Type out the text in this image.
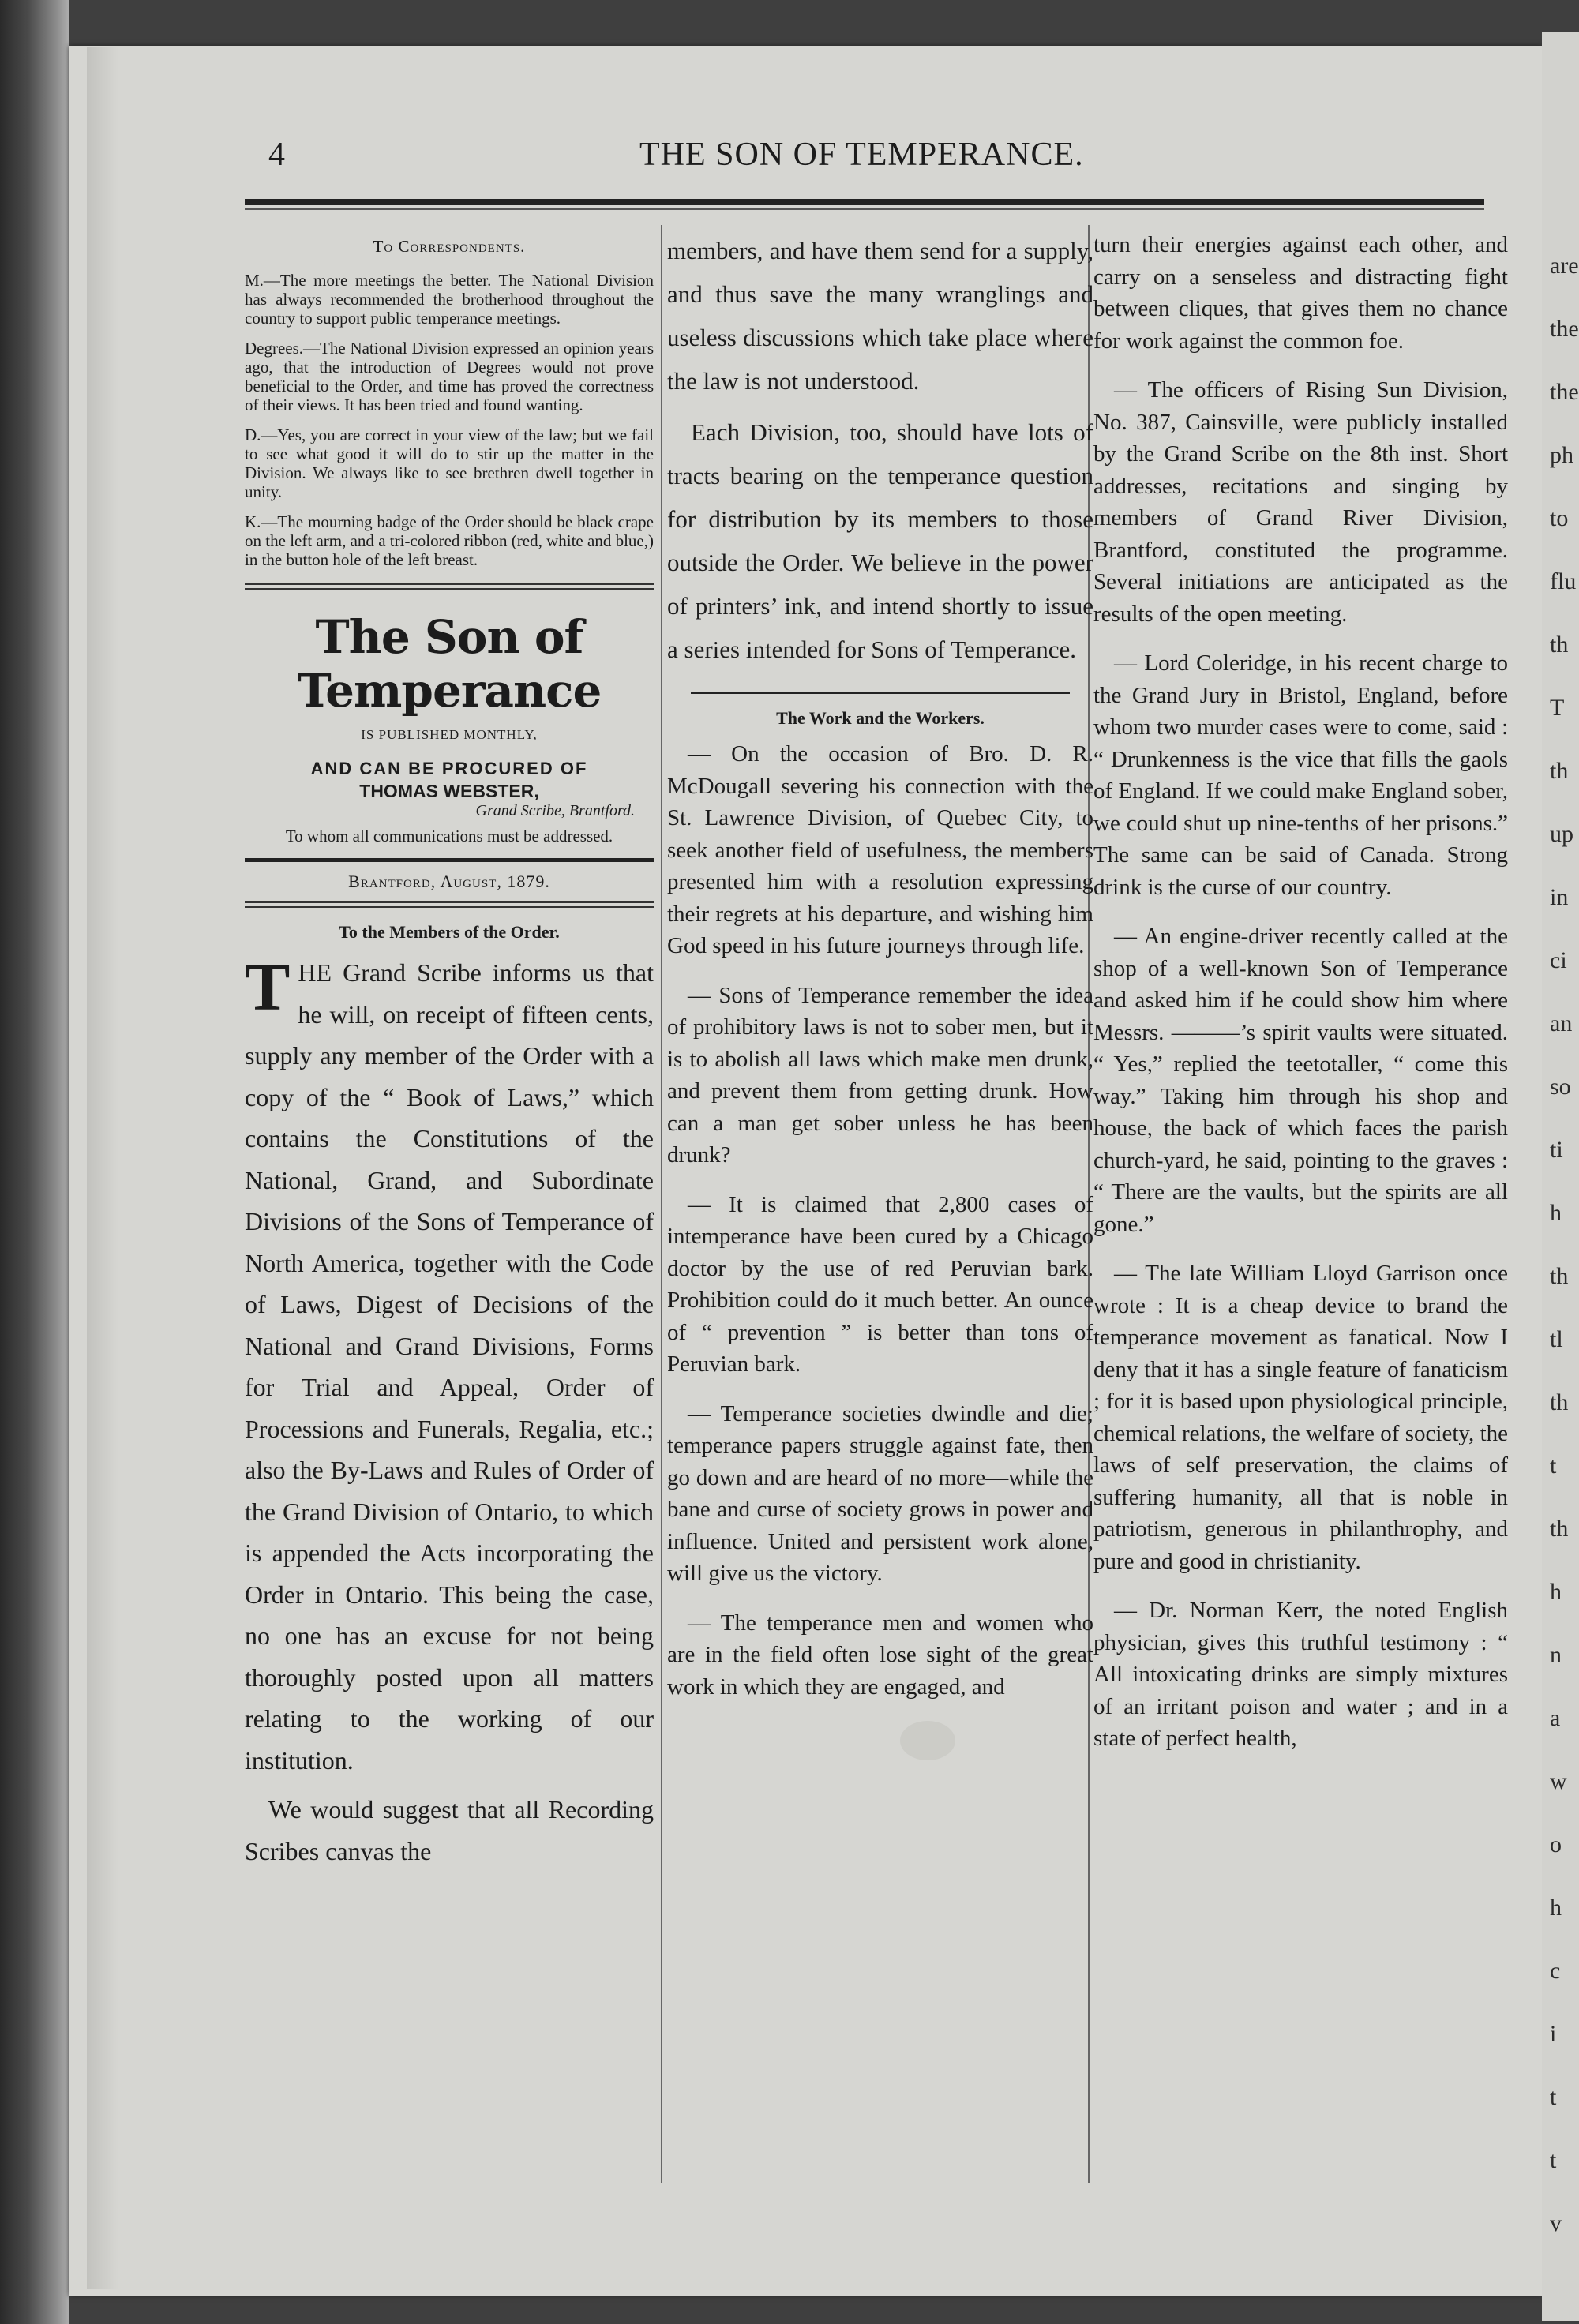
are
the
the
ph
to
flu
th
T
th
up
in
ci
an
so
ti
h
th
tl
th
t
th
h
n
a
w
o
h
c
i
t
t
v
4	THE SON OF TEMPERANCE.
To Correspondents.

M.—The more meetings the better. The National Division has always recommended the brotherhood throughout the country to support public temperance meetings.

Degrees.—The National Division expressed an opinion years ago, that the introduction of Degrees would not prove beneficial to the Order, and time has proved the correctness of their views. It has been tried and found wanting.

D.—Yes, you are correct in your view of the law; but we fail to see what good it will do to stir up the matter in the Division. We always like to see brethren dwell together in unity.

K.—The mourning badge of the Order should be black crape on the left arm, and a tri-colored ribbon (red, white and blue,) in the button hole of the left breast.

The Son of Temperance
IS PUBLISHED MONTHLY,
AND CAN BE PROCURED OF
THOMAS WEBSTER,
Grand Scribe, Brantford.
To whom all communications must be addressed.
Brantford, August, 1879.
To the Members of the Order.

THE Grand Scribe informs us that he will, on receipt of fifteen cents, supply any member of the Order with a copy of the “ Book of Laws,” which contains the Constitutions of the National, Grand, and Subordinate Divisions of the Sons of Temperance of North America, together with the Code of Laws, Digest of Decisions of the National and Grand Divisions, Forms for Trial and Appeal, Order of Processions and Funerals, Regalia, etc.; also the By-Laws and Rules of Order of the Grand Division of Ontario, to which is appended the Acts incorporating the Order in Ontario. This being the case, no one has an excuse for not being thoroughly posted upon all matters relating to the working of our institution.

We would suggest that all Recording Scribes canvas the

members, and have them send for a supply, and thus save the many wranglings and useless discussions which take place where the law is not understood.

Each Division, too, should have lots of tracts bearing on the temperance question for distribution by its members to those outside the Order. We believe in the power of printers’ ink, and intend shortly to issue a series intended for Sons of Temperance.

The Work and the Workers.

— On the occasion of Bro. D. R. McDougall severing his connection with the St. Lawrence Division, of Quebec City, to seek another field of usefulness, the members presented him with a resolution expressing their regrets at his departure, and wishing him God speed in his future journeys through life.

— Sons of Temperance remember the idea of prohibitory laws is not to sober men, but it is to abolish all laws which make men drunk, and prevent them from getting drunk. How can a man get sober unless he has been drunk?

— It is claimed that 2,800 cases of intemperance have been cured by a Chicago doctor by the use of red Peruvian bark. Prohibition could do it much better. An ounce of “ prevention ” is better than tons of Peruvian bark.

— Temperance societies dwindle and die; temperance papers struggle against fate, then go down and are heard of no more—while the bane and curse of society grows in power and influence. United and persistent work alone, will give us the victory.

— The temperance men and women who are in the field often lose sight of the great work in which they are engaged, and

turn their energies against each other, and carry on a senseless and distracting fight between cliques, that gives them no chance for work against the common foe.

— The officers of Rising Sun Division, No. 387, Cainsville, were publicly installed by the Grand Scribe on the 8th inst. Short addresses, recitations and singing by members of Grand River Division, Brantford, constituted the programme. Several initiations are anticipated as the results of the open meeting.

— Lord Coleridge, in his recent charge to the Grand Jury in Bristol, England, before whom two murder cases were to come, said : “ Drunkenness is the vice that fills the gaols of England. If we could make England sober, we could shut up nine-tenths of her prisons.” The same can be said of Canada. Strong drink is the curse of our country.

— An engine-driver recently called at the shop of a well-known Son of Temperance and asked him if he could show him where Messrs. ———’s spirit vaults were situated. “ Yes,” replied the teetotaller, “ come this way.” Taking him through his shop and house, the back of which faces the parish church-yard, he said, pointing to the graves : “ There are the vaults, but the spirits are all gone.”

— The late William Lloyd Garrison once wrote : It is a cheap device to brand the temperance movement as fanatical. Now I deny that it has a single feature of fanaticism ; for it is based upon physiological principle, chemical relations, the welfare of society, the laws of self preservation, the claims of suffering humanity, all that is noble in patriotism, generous in philanthrophy, and pure and good in christianity.

— Dr. Norman Kerr, the noted English physician, gives this truthful testimony : “ All intoxicating drinks are simply mixtures of an irritant poison and water ; and in a state of perfect health,
